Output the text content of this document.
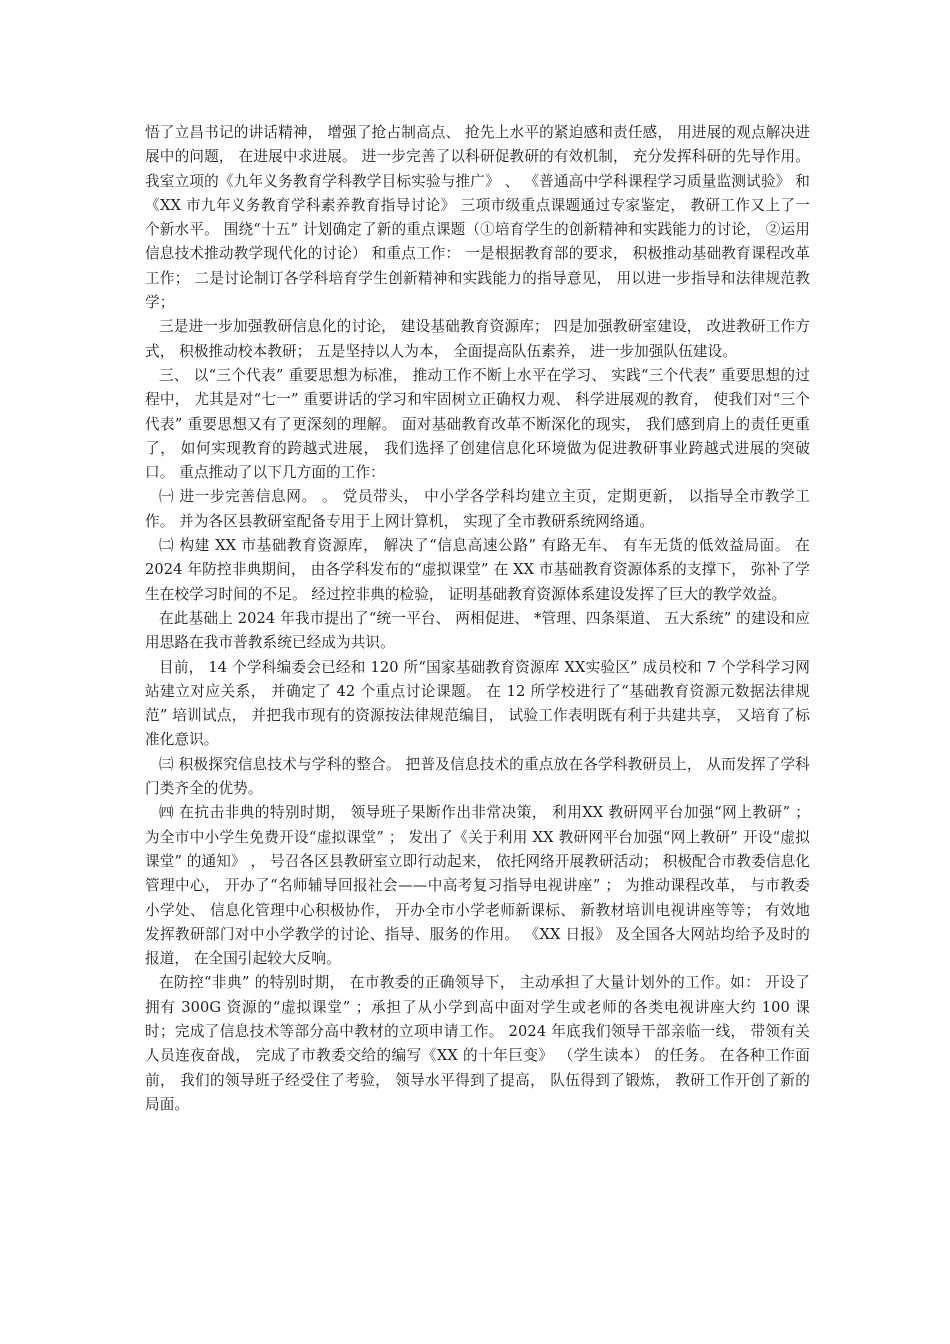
悟了立昌书记的讲话精神， 增强了抢占制高点、 抢先上水平的紧迫感和责任感， 用进展的观点解决进展中的问题， 在进展中求进展。 进一步完善了以科研促教研的有效机制， 充分发挥科研的先导作用。 我室立项的《九年义务教育学科教学目标实验与推广》 、 《普通高中学科课程学习质量监测试验》 和《XX 市九年义务教育学科素养教育指导讨论》 三项市级重点课题通过专家鉴定， 教研工作又上了一个新水平。 围绕“十五” 计划确定了新的重点课题（①培育学生的创新精神和实践能力的讨论， ②运用信息技术推动教学现代化的讨论） 和重点工作： 一是根据教育部的要求， 积极推动基础教育课程改革工作； 二是讨论制订各学科培育学生创新精神和实践能力的指导意见， 用以进一步指导和法律规范教学；

三是进一步加强教研信息化的讨论， 建设基础教育资源库； 四是加强教研室建设， 改进教研工作方式， 积极推动校本教研； 五是坚持以人为本， 全面提高队伍素养， 进一步加强队伍建设。

三、 以“三个代表” 重要思想为标准， 推动工作不断上水平在学习、 实践“三个代表” 重要思想的过程中， 尤其是对“七一” 重要讲话的学习和牢固树立正确权力观、 科学进展观的教育， 使我们对“三个代表” 重要思想又有了更深刻的理解。 面对基础教育改革不断深化的现实， 我们感到肩上的责任更重了， 如何实现教育的跨越式进展， 我们选择了创建信息化环境做为促进教研事业跨越式进展的突破口。 重点推动了以下几方面的工作：

㈠ 进一步完善信息网。 。 党员带头， 中小学各学科均建立主页，定期更新， 以指导全市教学工作。 并为各区县教研室配备专用于上网计算机， 实现了全市教研系统网络通。

㈡ 构建 XX 市基础教育资源库， 解决了“信息高速公路” 有路无车、 有车无货的低效益局面。 在 2024 年防控非典期间， 由各学科发布的“虚拟课堂” 在 XX 市基础教育资源体系的支撑下， 弥补了学生在校学习时间的不足。 经过控非典的检验， 证明基础教育资源体系建设发挥了巨大的教学效益。

在此基础上 2024 年我市提出了“统一平台、 两相促进、 *管理、四条渠道、 五大系统” 的建设和应用思路在我市普教系统已经成为共识。

目前， 14 个学科编委会已经和 120 所“国家基础教育资源库 XX实验区” 成员校和 7 个学科学习网站建立对应关系， 并确定了 42 个重点讨论课题。 在 12 所学校进行了“基础教育资源元数据法律规范” 培训试点， 并把我市现有的资源按法律规范编目， 试验工作表明既有利于共建共享， 又培育了标准化意识。

㈢ 积极探究信息技术与学科的整合。 把普及信息技术的重点放在各学科教研员上， 从而发挥了学科门类齐全的优势。

㈣ 在抗击非典的特别时期， 领导班子果断作出非常决策， 利用XX 教研网平台加强“网上教研” ； 为全市中小学生免费开设“虚拟课堂” ； 发出了《关于利用 XX 教研网平台加强“网上教研” 开设“虚拟课堂” 的通知》 ， 号召各区县教研室立即行动起来， 依托网络开展教研活动； 积极配合市教委信息化管理中心， 开办了“名师辅导回报社会——中高考复习指导电视讲座” ； 为推动课程改革， 与市教委小学处、 信息化管理中心积极协作， 开办全市小学老师新课标、 新教材培训电视讲座等等； 有效地发挥教研部门对中小学教学的讨论、指导、服务的作用。 《XX 日报》 及全国各大网站均给予及时的报道， 在全国引起较大反响。

在防控“非典” 的特别时期， 在市教委的正确领导下， 主动承担了大量计划外的工作。如： 开设了拥有 300G 资源的“虚拟课堂” ；承担了从小学到高中面对学生或老师的各类电视讲座大约 100 课时；完成了信息技术等部分高中教材的立项申请工作。 2024 年底我们领导干部亲临一线， 带领有关人员连夜奋战， 完成了市教委交给的编写《XX 的十年巨变》 （学生读本） 的任务。 在各种工作面前， 我们的领导班子经受住了考验， 领导水平得到了提高， 队伍得到了锻炼， 教研工作开创了新的局面。
